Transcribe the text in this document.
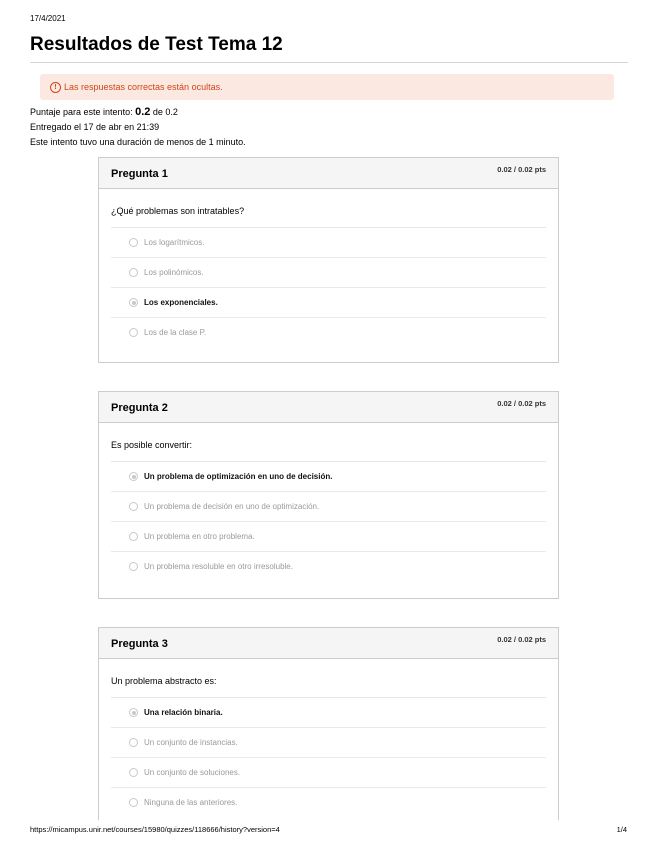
17/4/2021
Resultados de Test Tema 12
! Las respuestas correctas están ocultas.
Puntaje para este intento: 0.2 de 0.2
Entregado el 17 de abr en 21:39
Este intento tuvo una duración de menos de 1 minuto.
Pregunta 1	0.02 / 0.02 pts
¿Qué problemas son intratables?
Los logarítmicos.
Los polinómicos.
Los exponenciales.
Los de la clase P.
Pregunta 2	0.02 / 0.02 pts
Es posible convertir:
Un problema de optimización en uno de decisión.
Un problema de decisión en uno de optimización.
Un problema en otro problema.
Un problema resoluble en otro irresoluble.
Pregunta 3	0.02 / 0.02 pts
Un problema abstracto es:
Una relación binaria.
Un conjunto de instancias.
Un conjunto de soluciones.
Ninguna de las anteriores.
https://micampus.unir.net/courses/15980/quizzes/118666/history?version=4	1/4
